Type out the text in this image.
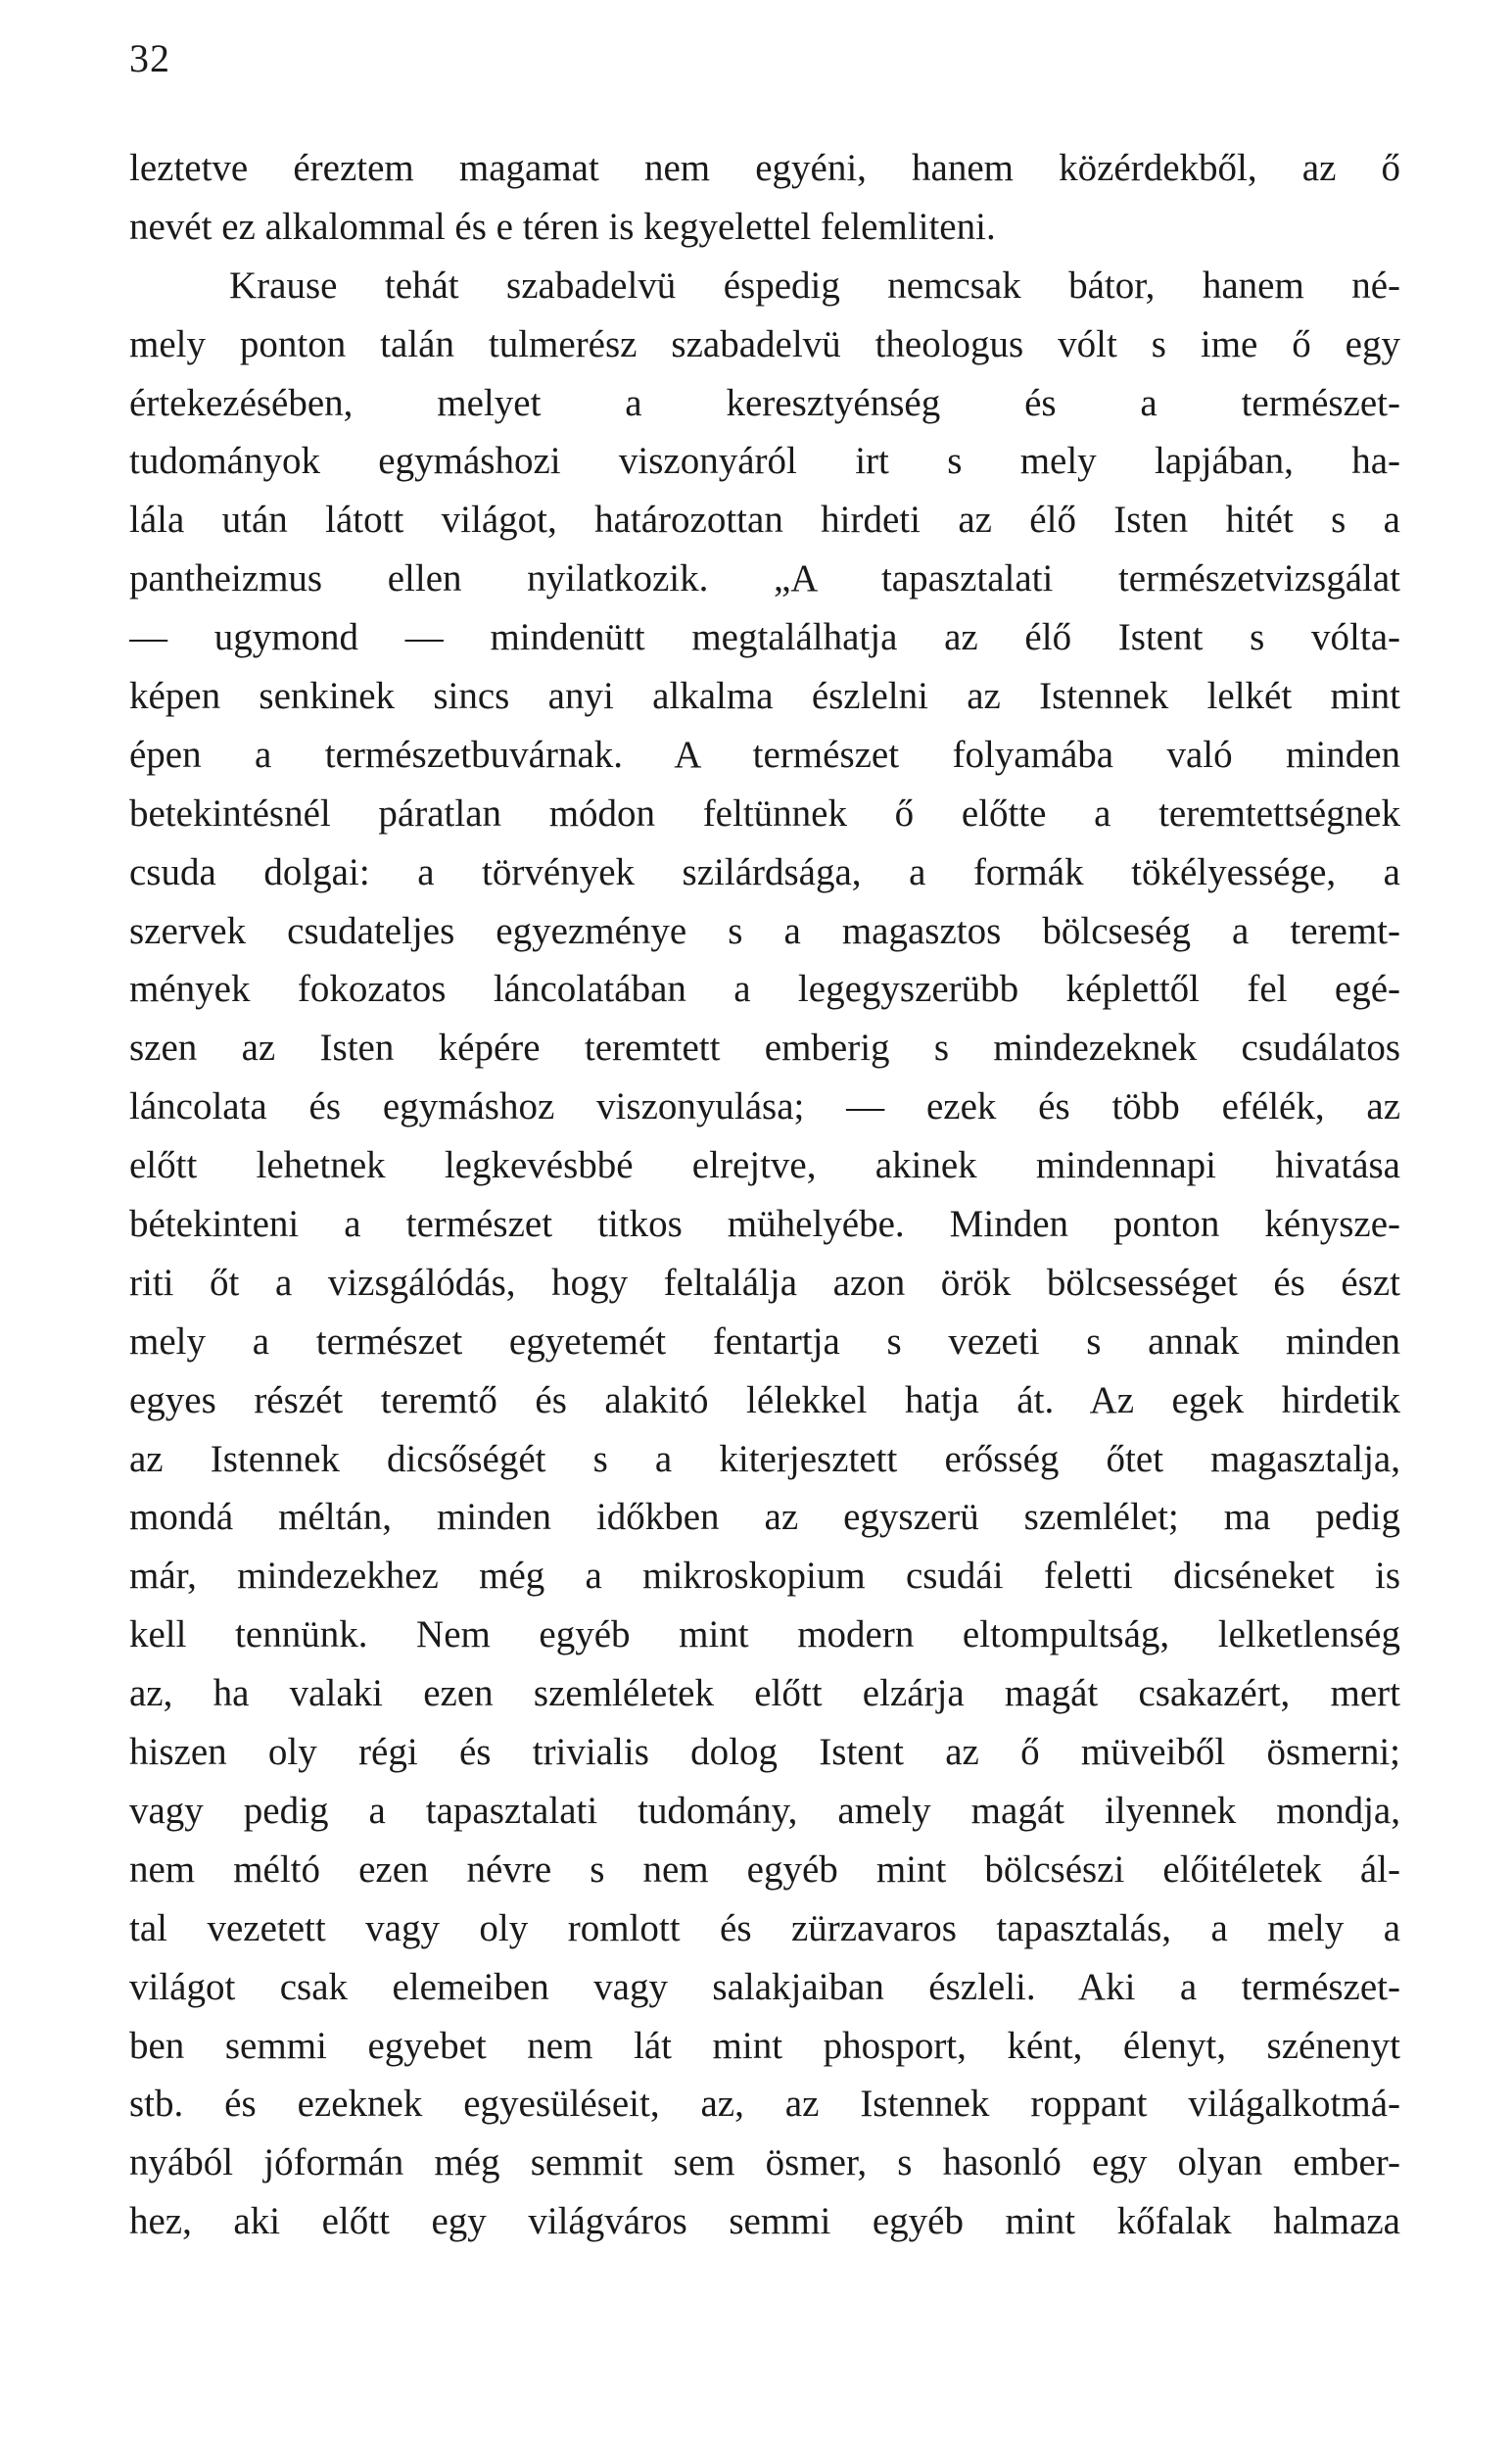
32
leztetve éreztem magamat nem egyéni, hanem közérdekből, az ő
nevét ez alkalommal és e téren is kegyelettel felemliteni.
Krause tehát szabadelvü éspedig nemcsak bátor, hanem né-
mely ponton talán tulmerész szabadelvü theologus vólt s ime ő egy
értekezésében, melyet a keresztyénség és a természet-
tudományok egymáshozi viszonyáról irt s mely lapjában, ha-
lála után látott világot, határozottan hirdeti az élő Isten hitét s a
pantheizmus ellen nyilatkozik. „A tapasztalati természetvizsgálat
— ugymond — mindenütt megtalálhatja az élő Istent s vólta-
képen senkinek sincs anyi alkalma észlelni az Istennek lelkét mint
épen a természetbuvárnak. A természet folyamába való minden
betekintésnél páratlan módon feltünnek ő előtte a teremtettségnek
csuda dolgai: a törvények szilárdsága, a formák tökélyessége, a
szervek csudateljes egyezménye s a magasztos bölcseség a teremt-
mények fokozatos láncolatában a legegyszerübb képlettől fel egé-
szen az Isten képére teremtett emberig s mindezeknek csudálatos
láncolata és egymáshoz viszonyulása; — ezek és több efélék, az
előtt lehetnek legkevésbbé elrejtve, akinek mindennapi hivatása
bétekinteni a természet titkos mühelyébe. Minden ponton kénysze-
riti őt a vizsgálódás, hogy feltalálja azon örök bölcsességet és észt
mely a természet egyetemét fentartja s vezeti s annak minden
egyes részét teremtő és alakitó lélekkel hatja át. Az egek hirdetik
az Istennek dicsőségét s a kiterjesztett erősség őtet magasztalja,
mondá méltán, minden időkben az egyszerü szemlélet; ma pedig
már, mindezekhez még a mikroskopium csudái feletti dicséneket is
kell tennünk. Nem egyéb mint modern eltompultság, lelketlenség
az, ha valaki ezen szemléletek előtt elzárja magát csakazért, mert
hiszen oly régi és trivialis dolog Istent az ő müveiből ösmerni;
vagy pedig a tapasztalati tudomány, amely magát ilyennek mondja,
nem méltó ezen névre s nem egyéb mint bölcsészi előitéletek ál-
tal vezetett vagy oly romlott és zürzavaros tapasztalás, a mely a
világot csak elemeiben vagy salakjaiban észleli. Aki a természet-
ben semmi egyebet nem lát mint phosport, ként, élenyt, szénenyt
stb. és ezeknek egyesüléseit, az, az Istennek roppant világalkotmá-
nyából jóformán még semmit sem ösmer, s hasonló egy olyan ember-
hez, aki előtt egy világváros semmi egyéb mint kőfalak halmaza
